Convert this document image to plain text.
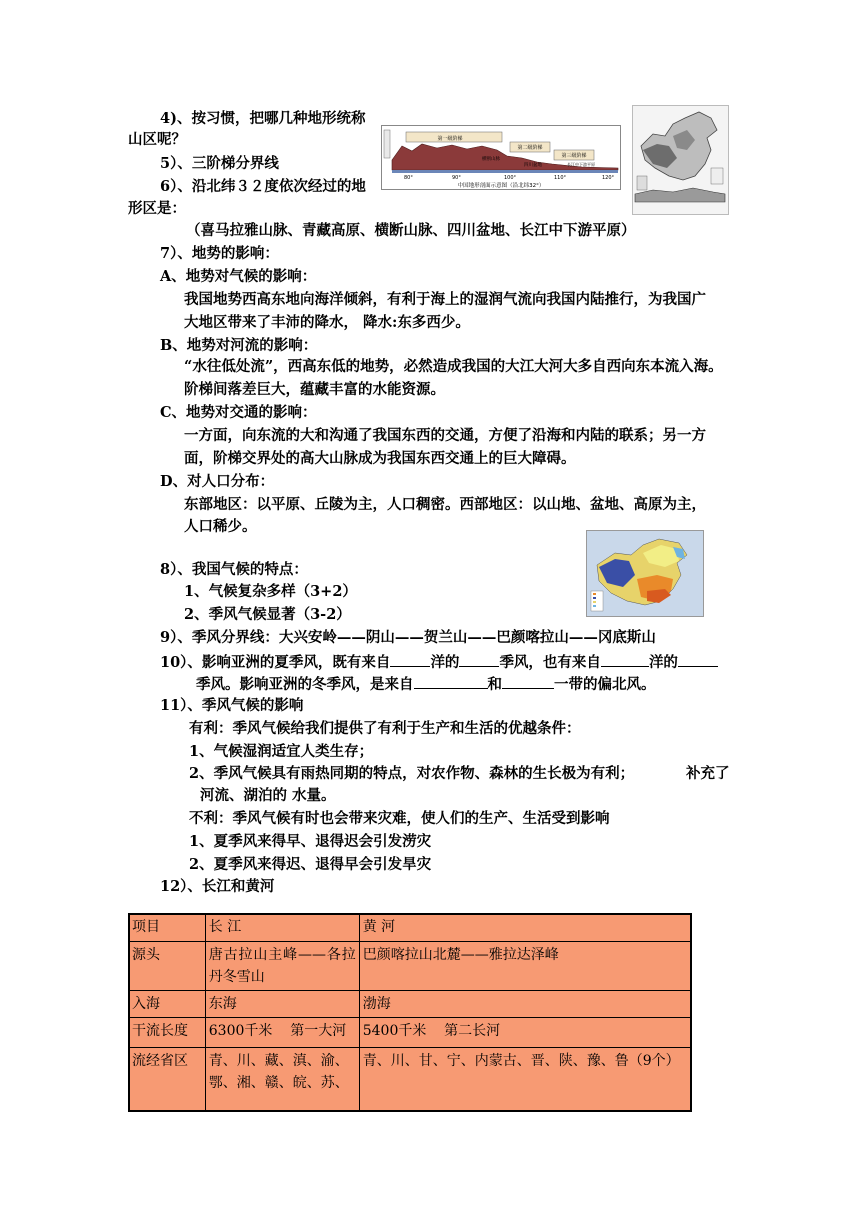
4)、按习惯，把哪几种地形统称
山区呢？
5）、三阶梯分界线
6）、沿北纬３２度依次经过的地
形区是：
第一级阶梯
第二级阶梯
第三级阶梯
横断山脉
四川盆地	长江中下游平原
80°	90°	100°	110°	120°
中国地形剖面示意图（沿北纬32°）
（喜马拉雅山脉、青藏高原、横断山脉、四川盆地、长江中下游平原）
7）、地势的影响：
A、地势对气候的影响：
我国地势西高东地向海洋倾斜，有利于海上的湿润气流向我国内陆推行，为我国广
大地区带来了丰沛的降水， 降水:东多西少。
B、地势对河流的影响：
“水往低处流”，西高东低的地势，必然造成我国的大江大河大多自西向东本流入海。
阶梯间落差巨大，蕴藏丰富的水能资源。
C、地势对交通的影响：
一方面，向东流的大和沟通了我国东西的交通，方便了沿海和内陆的联系；另一方
面，阶梯交界处的高大山脉成为我国东西交通上的巨大障碍。
D、对人口分布：
东部地区：以平原、丘陵为主，人口稠密。西部地区：以山地、盆地、高原为主，
人口稀少。
8）、我国气候的特点：
1、气候复杂多样（3+2）
2、季风气候显著（3-2）
9）、季风分界线：大兴安岭——阴山——贺兰山——巴颜喀拉山——冈底斯山
10）、影响亚洲的夏季风，既有来自	洋的	季风，也有来自	洋的
季风。影响亚洲的冬季风，是来自	和	一带的偏北风。
11）、季风气候的影响
有利：季风气候给我们提供了有利于生产和生活的优越条件：
1、气候湿润适宜人类生存；
2、季风气候具有雨热同期的特点，对农作物、森林的生长极为有利；	补充了
河流、湖泊的 水量。
不利：季风气候有时也会带来灾难，使人们的生产、生活受到影响
1、夏季风来得早、退得迟会引发涝灾
2、夏季风来得迟、退得早会引发旱灾
12）、长江和黄河
项目	长 江	黄 河
源头	唐古拉山主峰——各拉丹冬雪山	巴颜喀拉山北麓——雅拉达泽峰
入海	东海	渤海
干流长度	6300千米    第一大河	5400千米    第二长河
流经省区	青、川、藏、滇、渝、鄂、湘、赣、皖、苏、	青、川、甘、宁、内蒙古、晋、陕、豫、鲁（9个）
